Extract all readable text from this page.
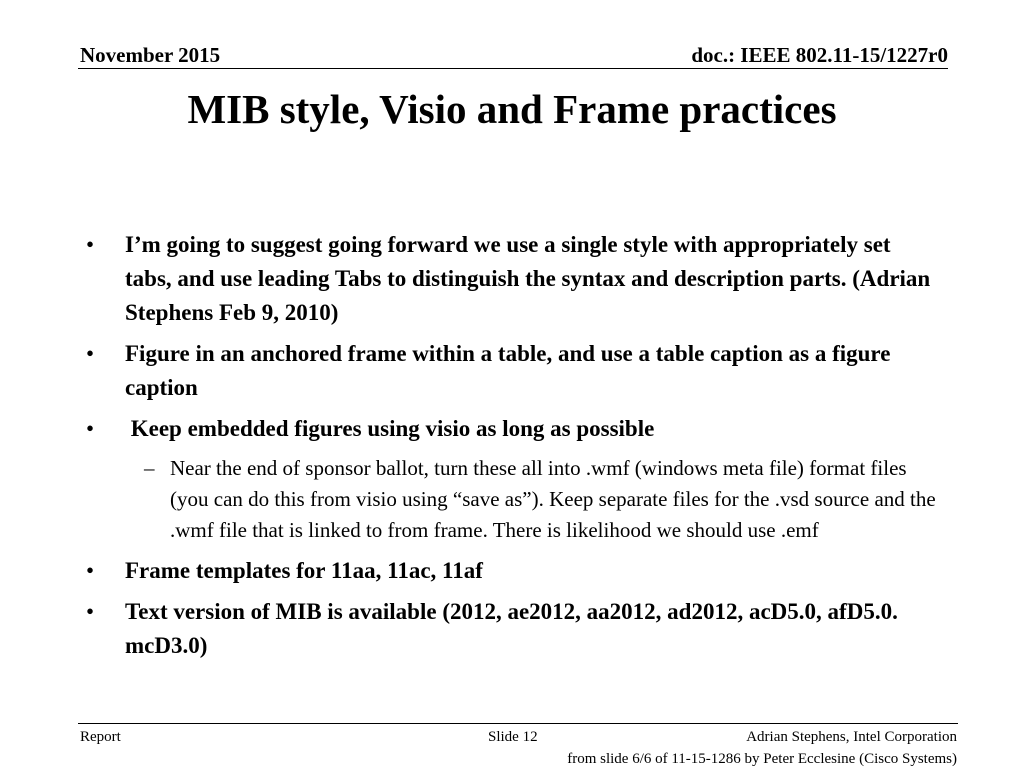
November 2015	doc.: IEEE 802.11-15/1227r0
MIB style, Visio and Frame practices
• I’m going to suggest going forward we use a single style with appropriately set tabs, and use leading Tabs to distinguish the syntax and description parts. (Adrian Stephens Feb 9, 2010)
• Figure in an anchored frame within a table, and use a table caption as a figure caption
• Keep embedded figures using visio as long as possible
– Near the end of sponsor ballot, turn these all into .wmf (windows meta file) format files (you can do this from visio using “save as”). Keep separate files for the .vsd source and the .wmf file that is linked to from frame. There is likelihood we should use .emf
• Frame templates for 11aa, 11ac, 11af
• Text version of MIB is available (2012, ae2012, aa2012, ad2012, acD5.0, afD5.0. mcD3.0)
Report	Slide 12	Adrian Stephens, Intel Corporation
from slide 6/6 of 11-15-1286 by Peter Ecclesine (Cisco Systems)
